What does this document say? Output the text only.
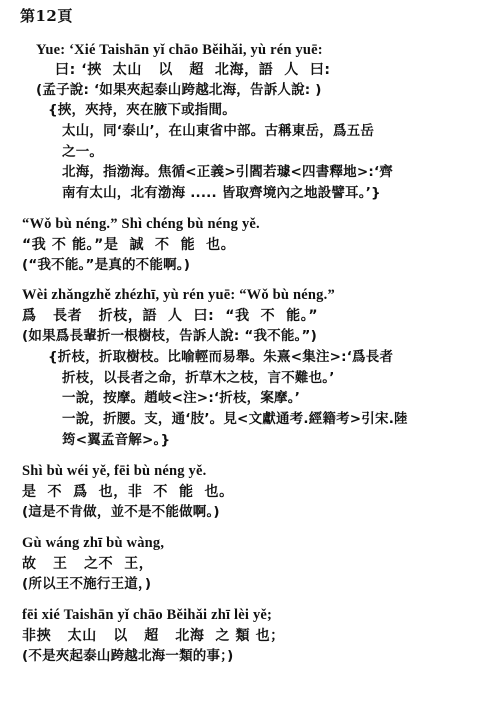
第12頁
Yue: ‘Xié Taishān yǐ chāo Běihǎi, yù rén yuē:
曰: ‘挾  太山   以   超  北海，語  人  曰:
(孟子說: ‘如果夾起泰山跨越北海，告訴人說: )
{挾，夾持，夾在腋下或指間。
太山，同‘泰山’，在山東省中部。古稱東岳，爲五岳
之一。
北海，指渤海。焦循<正義>引閻若璩<四書釋地>:‘齊
南有太山，北有渤海 ..... 皆取齊境內之地設譬耳。’}
“Wǒ bù néng.” Shì chéng bù néng yě.
“我 不 能。”是  誠  不  能  也。
(“我不能。”是真的不能啊。)
Wèi zhǎngzhě zhézhī, yù rén yuē: “Wǒ bù néng.”
爲   長者   折枝，語  人  曰:  “我  不  能。”
(如果爲長輩折一根樹枝，告訴人說: “我不能。”)
{折枝，折取樹枝。比喻輕而易舉。朱熹<集注>:‘爲長者
折枝，以長者之命，折草木之枝，言不難也。’
一說，按摩。趙岐<注>:‘折枝，案摩。’
一說，折腰。支，通‘肢’。見<文獻通考.經籍考>引宋.陸
筠<翼孟音解>。}
Shì bù wéi yě, fēi bù néng yě.
是  不  爲  也，非  不  能  也。
(這是不肯做，並不是不能做啊。)
Gù wáng zhī bù wàng,
故   王   之不  王，
(所以王不施行王道，)
fēi xié Taishān yǐ chāo Běihǎi zhī lèi yě;
非挾   太山   以   超   北海  之 類 也；
(不是夾起泰山跨越北海一類的事；)
